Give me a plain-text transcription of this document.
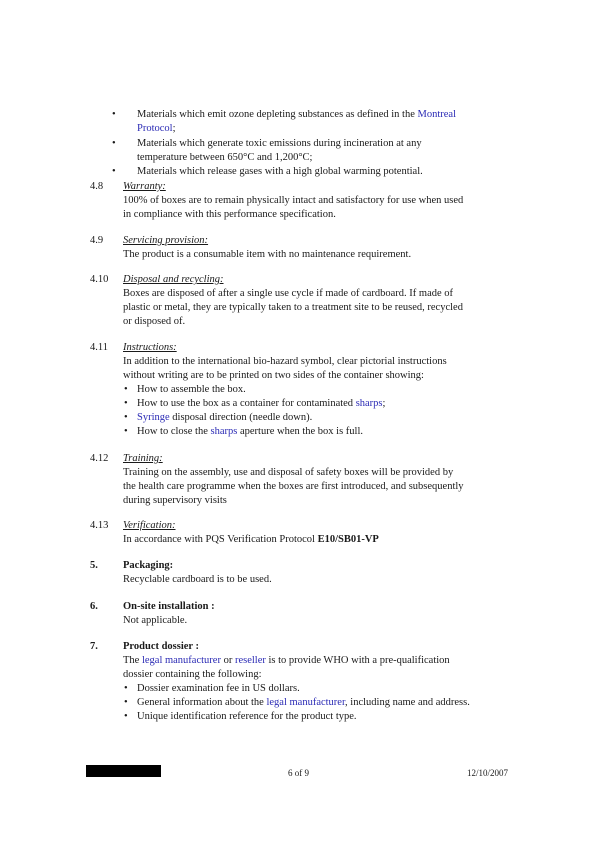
• Materials which emit ozone depleting substances as defined in the Montreal
Protocol;
• Materials which generate toxic emissions during incineration at any
temperature between 650°C and 1,200°C;
• Materials which release gases with a high global warming potential.
4.8 Warranty:
100% of boxes are to remain physically intact and satisfactory for use when used
in compliance with this performance specification.
4.9 Servicing provision:
The product is a consumable item with no maintenance requirement.
4.10 Disposal and recycling:
Boxes are disposed of after a single use cycle if made of cardboard. If made of
plastic or metal, they are typically taken to a treatment site to be reused, recycled
or disposed of.
4.11 Instructions:
In addition to the international bio-hazard symbol, clear pictorial instructions
without writing are to be printed on two sides of the container showing:
• How to assemble the box.
• How to use the box as a container for contaminated sharps;
• Syringe disposal direction (needle down).
• How to close the sharps aperture when the box is full.
4.12 Training:
Training on the assembly, use and disposal of safety boxes will be provided by
the health care programme when the boxes are first introduced, and subsequently
during supervisory visits
4.13 Verification:
In accordance with PQS Verification Protocol E10/SB01-VP
5. Packaging:
Recyclable cardboard is to be used.
6. On-site installation :
Not applicable.
7. Product dossier :
The legal manufacturer or reseller is to provide WHO with a pre-qualification
dossier containing the following:
• Dossier examination fee in US dollars.
• General information about the legal manufacturer, including name and address.
• Unique identification reference for the product type.
6 of 9	12/10/2007
